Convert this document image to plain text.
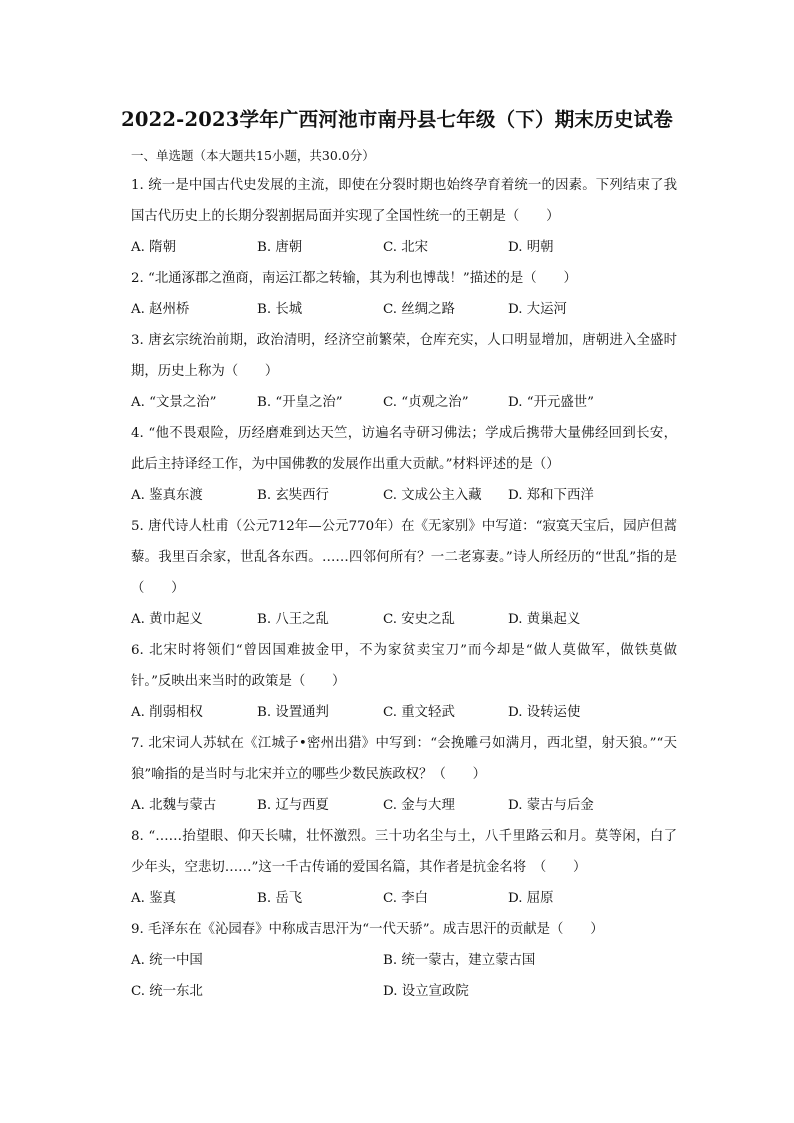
2022-2023学年广西河池市南丹县七年级（下）期末历史试卷
一、单选题（本大题共15小题，共30.0分）

1. 统一是中国古代史发展的主流，即使在分裂时期也始终孕育着统一的因素。下列结束了我国古代历史上的长期分裂割据局面并实现了全国性统一的王朝是（　　）

A. 隋朝	B. 唐朝	C. 北宋	D. 明朝

2. “北通涿郡之渔商，南运江都之转输，其为利也博哉！”描述的是（　　）

A. 赵州桥	B. 长城	C. 丝绸之路	D. 大运河

3. 唐玄宗统治前期，政治清明，经济空前繁荣，仓库充实，人口明显增加，唐朝进入全盛时期，历史上称为（　　）

A. “文景之治”	B. “开皇之治”	C. “贞观之治”	D. “开元盛世”

4. “他不畏艰险，历经磨难到达天竺，访遍名寺研习佛法；学成后携带大量佛经回到长安，此后主持译经工作，为中国佛教的发展作出重大贡献。”材料评述的是（）

A. 鉴真东渡	B. 玄奘西行	C. 文成公主入藏 D. 郑和下西洋

5. 唐代诗人杜甫（公元712年—公元770年）在《无家别》中写道：“寂寞天宝后，园庐但蒿藜。我里百余家，世乱各东西。……四邻何所有？一二老寡妻。”诗人所经历的“世乱”指的是（　　）

A. 黄巾起义	B. 八王之乱	C. 安史之乱	D. 黄巢起义

6. 北宋时将领们“曾因国难披金甲，不为家贫卖宝刀”而今却是“做人莫做军，做铁莫做针。”反映出来当时的政策是（　　）

A. 削弱相权	B. 设置通判	C. 重文轻武	D. 设转运使

7. 北宋词人苏轼在《江城子•密州出猎》中写到：“会挽雕弓如满月，西北望，射天狼。”“天狼”喻指的是当时与北宋并立的哪些少数民族政权？（　　）

A. 北魏与蒙古	B. 辽与西夏	C. 金与大理	D. 蒙古与后金

8. “……抬望眼、仰天长啸，壮怀激烈。三十功名尘与土，八千里路云和月。莫等闲，白了少年头，空悲切……”这一千古传诵的爱国名篇，其作者是抗金名将　（　　）

A. 鉴真	B. 岳飞	C. 李白	D. 屈原

9. 毛泽东在《沁园春》中称成吉思汗为“一代天骄”。成吉思汗的贡献是（　　）

A. 统一中国	B. 统一蒙古，建立蒙古国
C. 统一东北	D. 设立宣政院
